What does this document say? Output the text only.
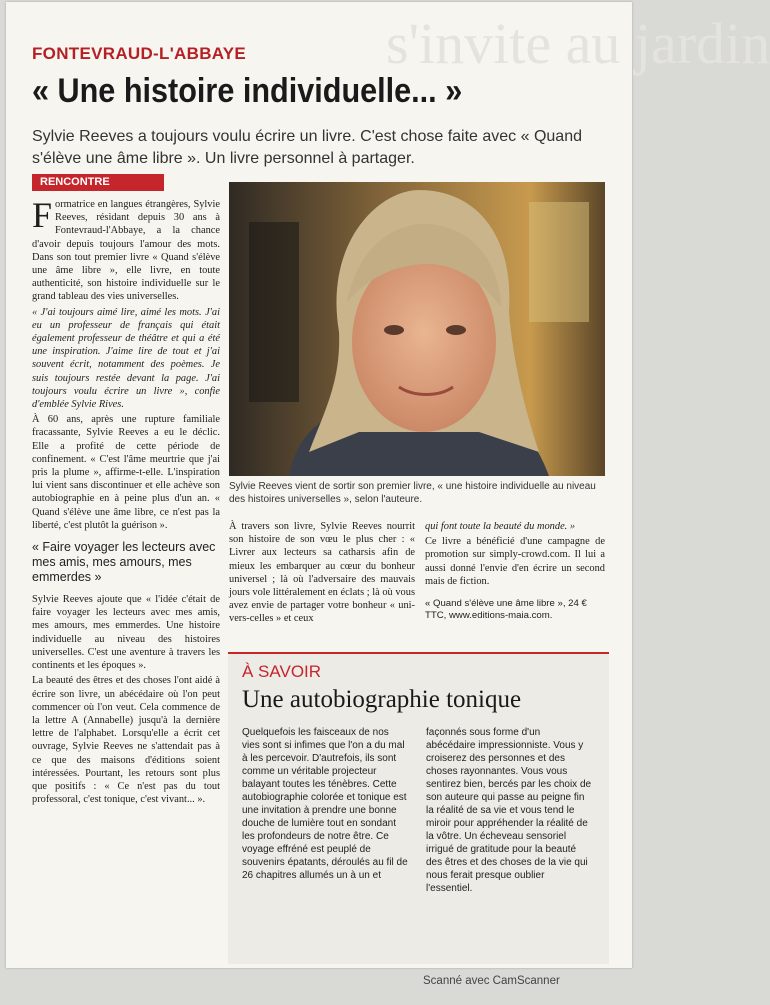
s'invite au jardin
FONTEVRAUD-L'ABBAYE
« Une histoire individuelle... »
Sylvie Reeves a toujours voulu écrire un livre. C'est chose faite avec « Quand s'élève une âme libre ». Un livre personnel à partager.
RENCONTRE

Formatrice en langues étrangères, Sylvie Reeves, résidant depuis 30 ans à Fontevraud-l'Abbaye, a la chance d'avoir depuis toujours l'amour des mots. Dans son tout premier livre « Quand s'élève une âme libre », elle livre, en toute authenticité, son histoire individuelle sur le grand tableau des vies universelles.

« J'ai toujours aimé lire, aimé les mots. J'ai eu un professeur de français qui était également professeur de théâtre et qui a été une inspiration. J'aime lire de tout et j'ai souvent écrit, notamment des poèmes. Je suis toujours restée devant la page. J'ai toujours voulu écrire un livre », confie d'emblée Sylvie Rives.

À 60 ans, après une rupture familiale fracassante, Sylvie Reeves a eu le déclic. Elle a profité de cette période de confinement. « C'est l'âme meurtrie que j'ai pris la plume », affirme-t-elle. L'inspiration lui vient sans discontinuer et elle achève son autobiographie en à peine plus d'un an. « Quand s'élève une âme libre, ce n'est pas la liberté, c'est plutôt la guérison ».

« Faire voyager les lecteurs avec mes amis, mes amours, mes emmerdes »

Sylvie Reeves ajoute que « l'idée c'était de faire voyager les lecteurs avec mes amis, mes amours, mes emmerdes. Une histoire individuelle au niveau des histoires universelles. C'est une aventure à travers les continents et les époques ».

La beauté des êtres et des choses l'ont aidé à écrire son livre, un abécédaire où l'on peut commencer où l'on veut. Cela commence de la lettre A (Annabelle) jusqu'à la dernière lettre de l'alphabet. Lorsqu'elle a écrit cet ouvrage, Sylvie Reeves ne s'attendait pas à ce que des maisons d'éditions soient intéressées. Pourtant, les retours sont plus que positifs : « Ce n'est pas du tout professoral, c'est tonique, c'est vivant... ».

Sylvie Reeves vient de sortir son premier livre, « une histoire individuelle au niveau des histoires universelles », selon l'auteure.

À travers son livre, Sylvie Reeves nourrit son histoire de son vœu le plus cher : « Livrer aux lecteurs sa catharsis afin de mieux les embarquer au cœur du bonheur universel ; là où l'adversaire des mauvais jours vole littéralement en éclats ; là où vous avez envie de partager votre bonheur « uni-vers-celles » et ceux

qui font toute la beauté du monde. »

Ce livre a bénéficié d'une campagne de promotion sur simply-crowd.com. Il lui a aussi donné l'envie d'en écrire un second mais de fiction.

« Quand s'élève une âme libre », 24 € TTC, www.editions-maia.com.
À SAVOIR
Une autobiographie tonique
Quelquefois les faisceaux de nos vies sont si infimes que l'on a du mal à les percevoir. D'autrefois, ils sont comme un véritable projecteur balayant toutes les ténèbres. Cette autobiographie colorée et tonique est une invitation à prendre une bonne douche de lumière tout en sondant les profondeurs de notre être. Ce voyage effréné est peuplé de souvenirs épatants, déroulés au fil de 26 chapitres allumés un à un et
façonnés sous forme d'un abécédaire impressionniste. Vous y croiserez des personnes et des choses rayonnantes. Vous vous sentirez bien, bercés par les choix de son auteure qui passe au peigne fin la réalité de sa vie et vous tend le miroir pour appréhender la réalité de la vôtre. Un écheveau sensoriel irrigué de gratitude pour la beauté des êtres et des choses de la vie qui nous ferait presque oublier l'essentiel.
Scanné avec CamScanner
